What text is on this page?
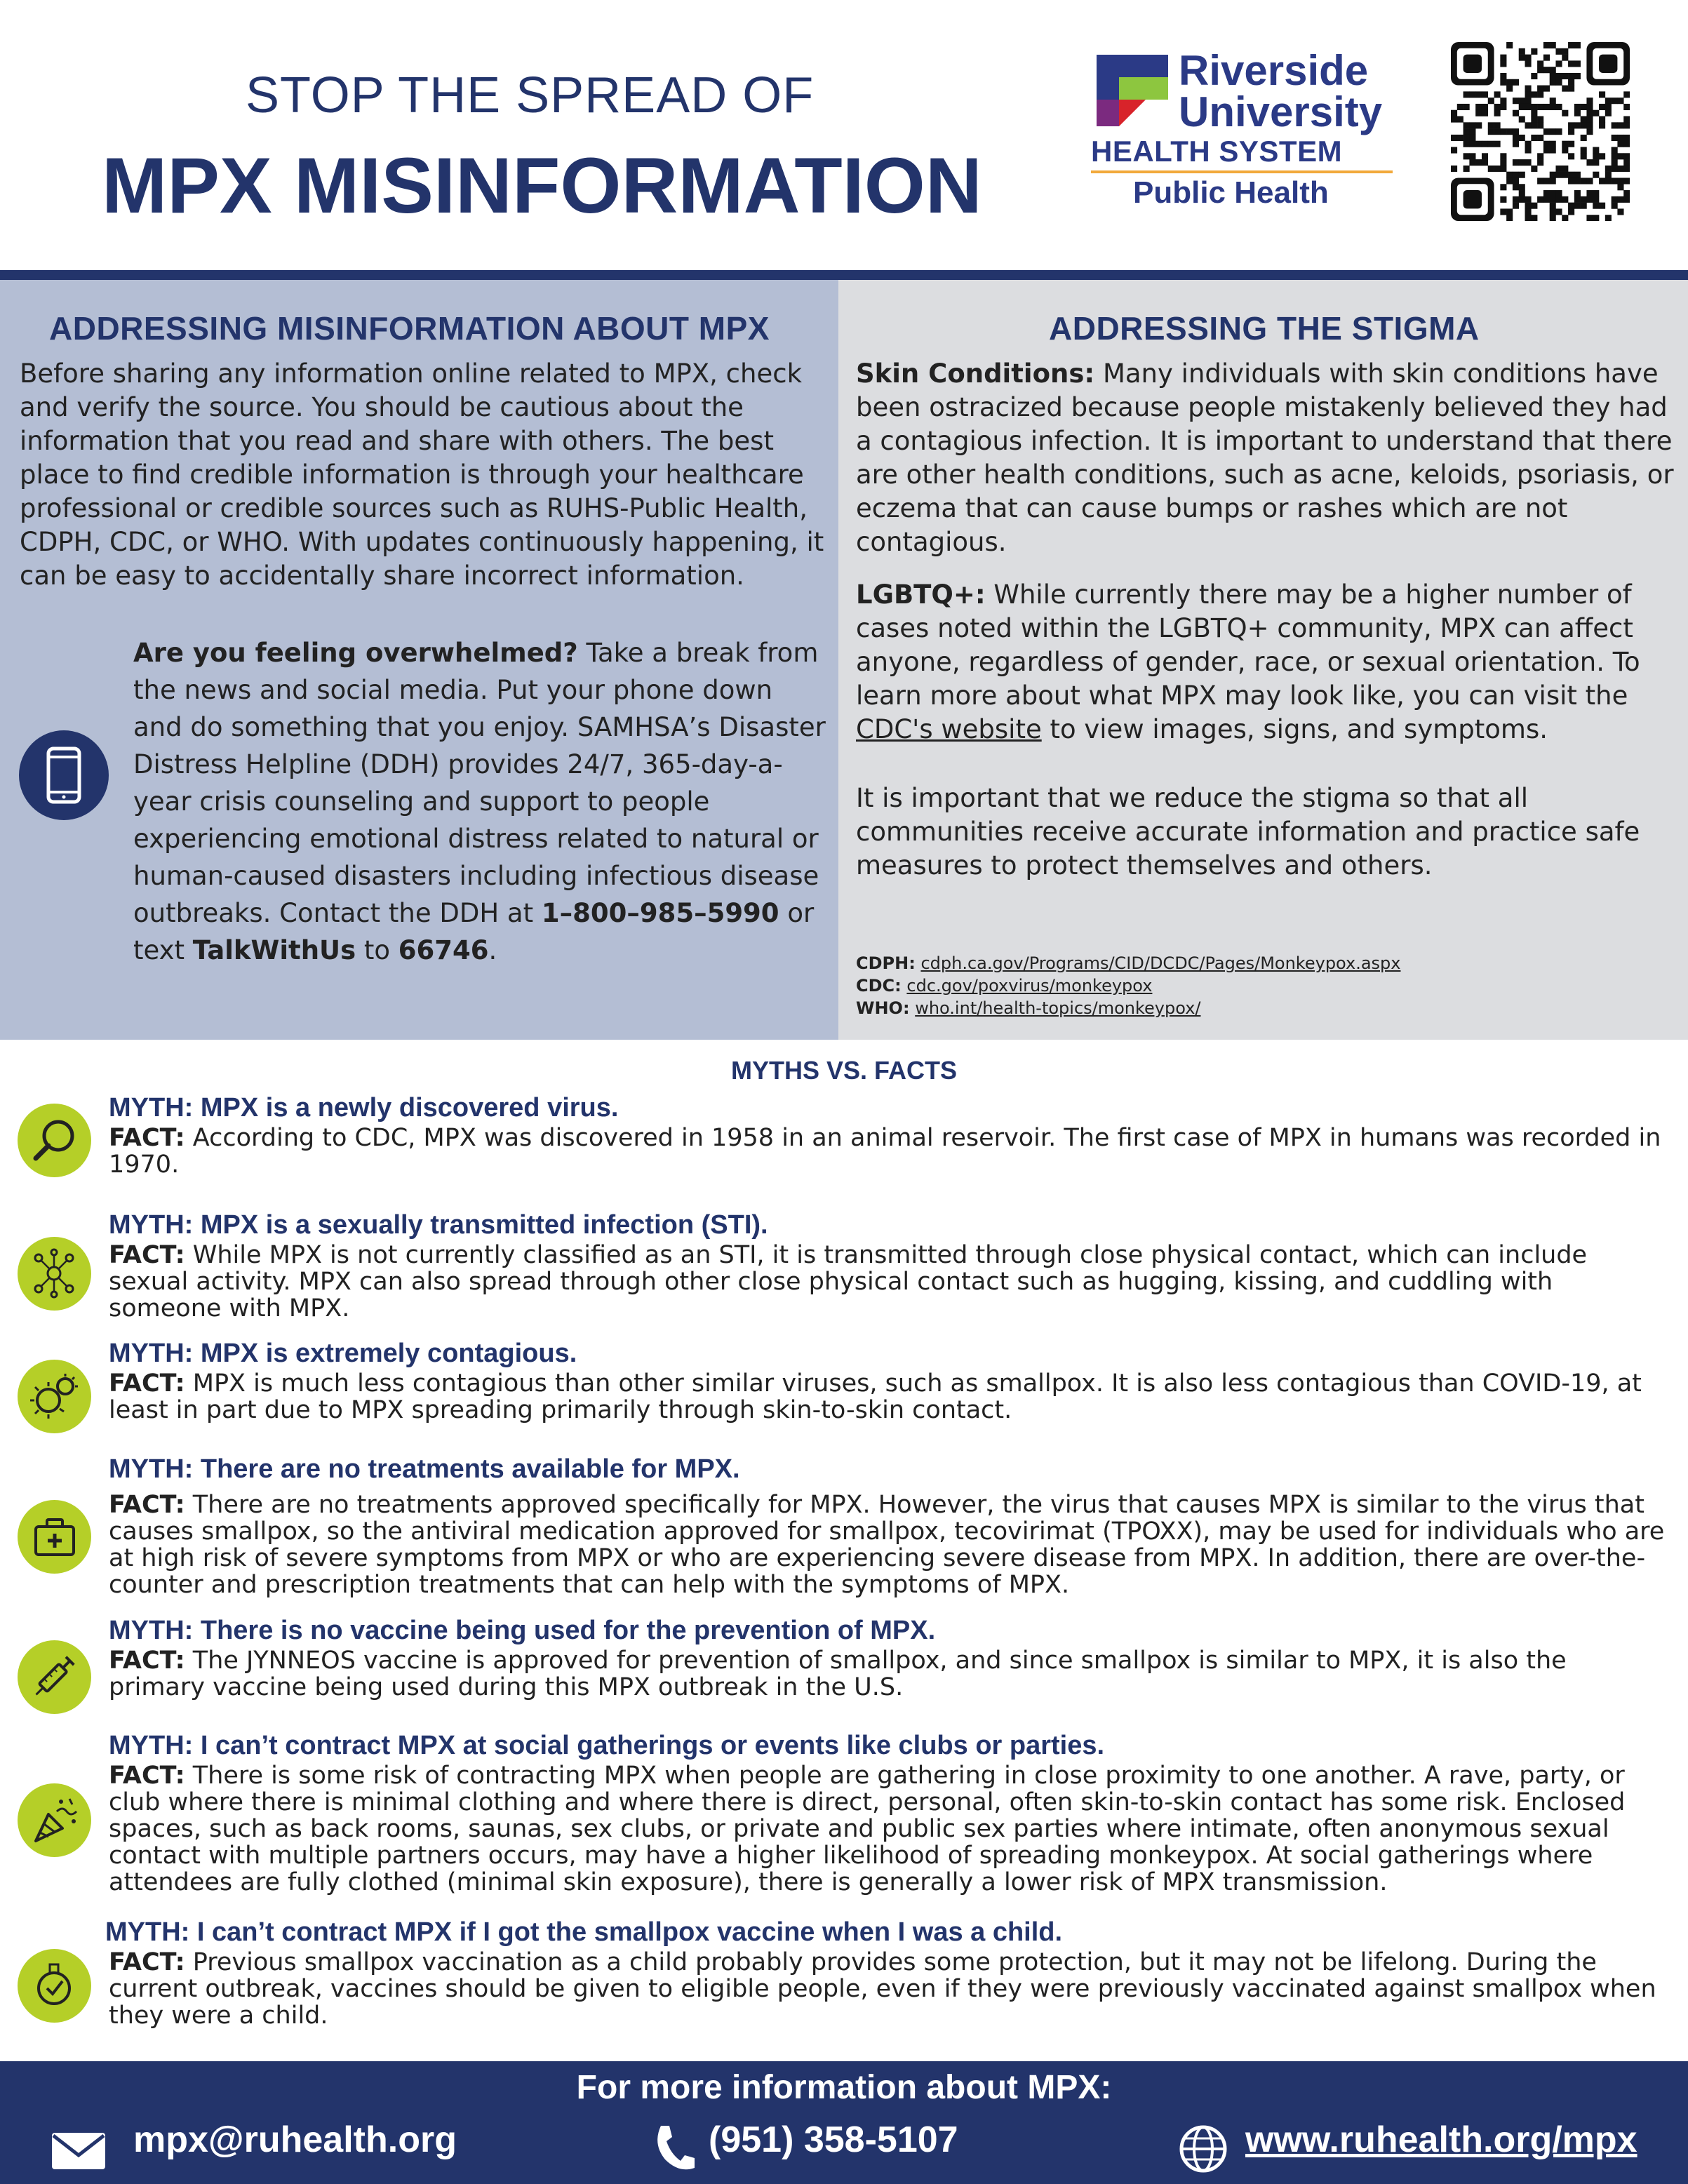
STOP THE SPREAD OF
MPX MISINFORMATION
Riverside
University
HEALTH SYSTEM
Public Health
ADDRESSING MISINFORMATION ABOUT MPX
Before sharing any information online related to MPX, check and verify the source. You should be cautious about the information that you read and share with others. The best place to find credible information is through your healthcare professional or credible sources such as RUHS-Public Health, CDPH, CDC, or WHO. With updates continuously happening, it can be easy to accidentally share incorrect information.
Are you feeling overwhelmed? Take a break from the news and social media. Put your phone down and do something that you enjoy. SAMHSA’s Disaster Distress Helpline (DDH) provides 24/7, 365-day-a-year crisis counseling and support to people experiencing emotional distress related to natural or human-caused disasters including infectious disease outbreaks. Contact the DDH at 1–800–985–5990 or text TalkWithUs to 66746.
ADDRESSING THE STIGMA
Skin Conditions: Many individuals with skin conditions have been ostracized because people mistakenly believed they had a contagious infection. It is important to understand that there are other health conditions, such as acne, keloids, psoriasis, or eczema that can cause bumps or rashes which are not contagious.
LGBTQ+: While currently there may be a higher number of cases noted within the LGBTQ+ community, MPX can affect anyone, regardless of gender, race, or sexual orientation. To learn more about what MPX may look like, you can visit the CDC's website to view images, signs, and symptoms.
It is important that we reduce the stigma so that all communities receive accurate information and practice safe measures to protect themselves and others.
CDPH: cdph.ca.gov/Programs/CID/DCDC/Pages/Monkeypox.aspx
CDC: cdc.gov/poxvirus/monkeypox
WHO: who.int/health-topics/monkeypox/
MYTHS VS. FACTS
MYTH: MPX is a newly discovered virus.
FACT: According to CDC, MPX was discovered in 1958 in an animal reservoir. The first case of MPX in humans was recorded in 1970.
MYTH: MPX is a sexually transmitted infection (STI).
FACT: While MPX is not currently classified as an STI, it is transmitted through close physical contact, which can include sexual activity. MPX can also spread through other close physical contact such as hugging, kissing, and cuddling with someone with MPX.
MYTH: MPX is extremely contagious.
FACT: MPX is much less contagious than other similar viruses, such as smallpox. It is also less contagious than COVID-19, at least in part due to MPX spreading primarily through skin-to-skin contact.
MYTH: There are no treatments available for MPX.
FACT: There are no treatments approved specifically for MPX. However, the virus that causes MPX is similar to the virus that causes smallpox, so the antiviral medication approved for smallpox, tecovirimat (TPOXX), may be used for individuals who are at high risk of severe symptoms from MPX or who are experiencing severe disease from MPX. In addition, there are over-the-counter and prescription treatments that can help with the symptoms of MPX.
MYTH: There is no vaccine being used for the prevention of MPX.
FACT: The JYNNEOS vaccine is approved for prevention of smallpox, and since smallpox is similar to MPX, it is also the primary vaccine being used during this MPX outbreak in the U.S.
MYTH: I can’t contract MPX at social gatherings or events like clubs or parties.
FACT: There is some risk of contracting MPX when people are gathering in close proximity to one another. A rave, party, or club where there is minimal clothing and where there is direct, personal, often skin-to-skin contact has some risk. Enclosed spaces, such as back rooms, saunas, sex clubs, or private and public sex parties where intimate, often anonymous sexual contact with multiple partners occurs, may have a higher likelihood of spreading monkeypox. At social gatherings where attendees are fully clothed (minimal skin exposure), there is generally a lower risk of MPX transmission.
MYTH: I can’t contract MPX if I got the smallpox vaccine when I was a child.
FACT: Previous smallpox vaccination as a child probably provides some protection, but it may not be lifelong. During the current outbreak, vaccines should be given to eligible people, even if they were previously vaccinated against smallpox when they were a child.
For more information about MPX:
mpx@ruhealth.org	(951) 358-5107	www.ruhealth.org/mpx
